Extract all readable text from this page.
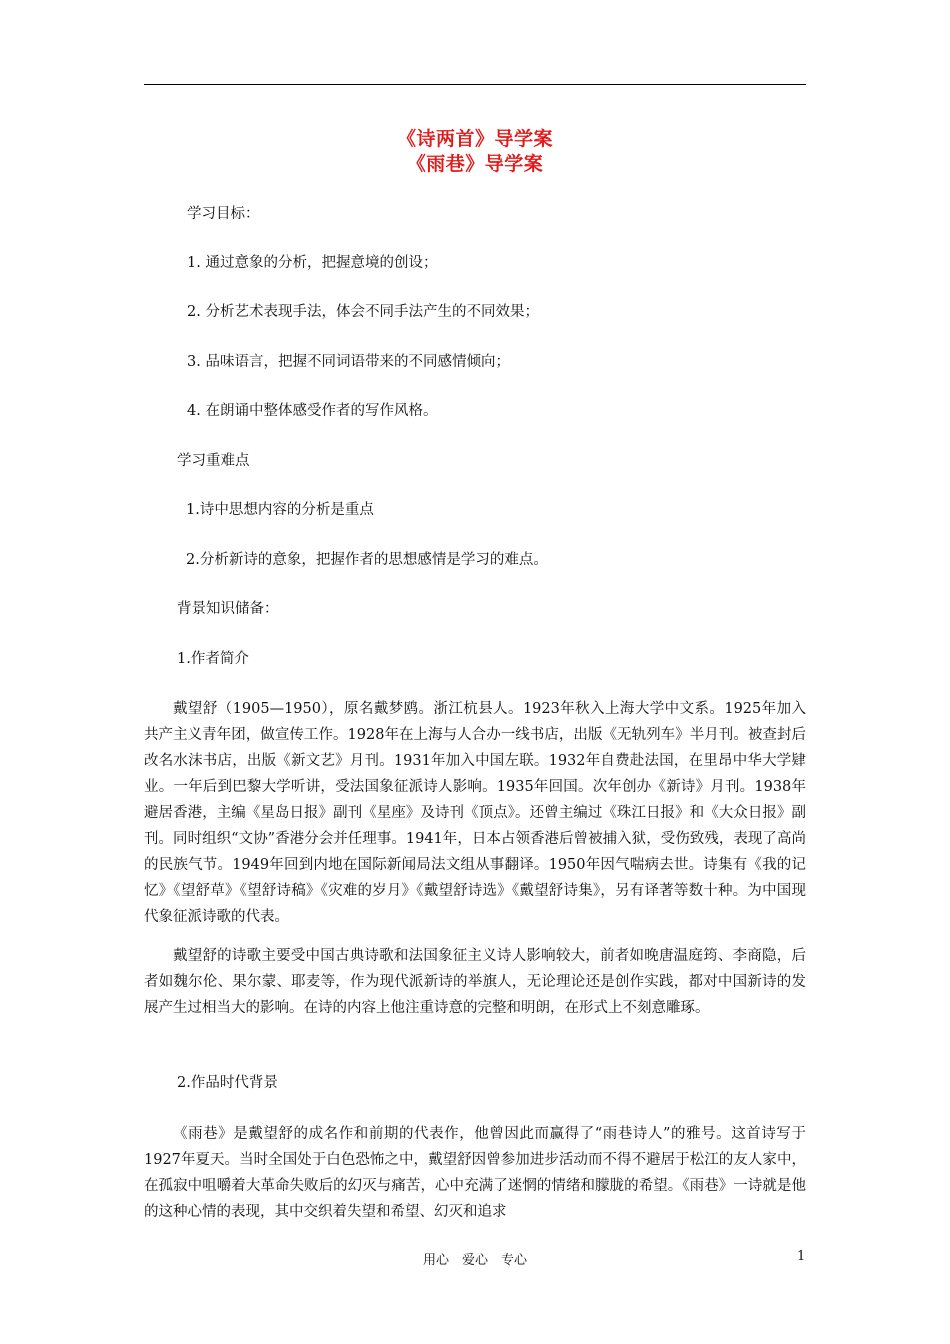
《诗两首》导学案
《雨巷》导学案
学习目标：
1. 通过意象的分析，把握意境的创设；
2. 分析艺术表现手法，体会不同手法产生的不同效果；
3. 品味语言，把握不同词语带来的不同感情倾向；
4. 在朗诵中整体感受作者的写作风格。
学习重难点
1.诗中思想内容的分析是重点
2.分析新诗的意象，把握作者的思想感情是学习的难点。
背景知识储备：
1.作者简介

戴望舒（1905—1950），原名戴梦鸥。浙江杭县人。1923年秋入上海大学中文系。1925年加入共产主义青年团，做宣传工作。1928年在上海与人合办一线书店，出版《无轨列车》半月刊。被查封后改名水沫书店，出版《新文艺》月刊。1931年加入中国左联。1932年自费赴法国，在里昂中华大学肄业。一年后到巴黎大学听讲，受法国象征派诗人影响。1935年回国。次年创办《新诗》月刊。1938年避居香港，主编《星岛日报》副刊《星座》及诗刊《顶点》。还曾主编过《珠江日报》和《大众日报》副刊。同时组织“文协”香港分会并任理事。1941年，日本占领香港后曾被捕入狱，受伤致残，表现了高尚的民族气节。1949年回到内地在国际新闻局法文组从事翻译。1950年因气喘病去世。诗集有《我的记忆》《望舒草》《望舒诗稿》《灾难的岁月》《戴望舒诗选》《戴望舒诗集》，另有译著等数十种。为中国现代象征派诗歌的代表。

戴望舒的诗歌主要受中国古典诗歌和法国象征主义诗人影响较大，前者如晚唐温庭筠、李商隐，后者如魏尔伦、果尔蒙、耶麦等，作为现代派新诗的举旗人，无论理论还是创作实践，都对中国新诗的发展产生过相当大的影响。在诗的内容上他注重诗意的完整和明朗，在形式上不刻意雕琢。

2.作品时代背景

《雨巷》是戴望舒的成名作和前期的代表作，他曾因此而赢得了“雨巷诗人”的雅号。这首诗写于1927年夏天。当时全国处于白色恐怖之中，戴望舒因曾参加进步活动而不得不避居于松江的友人家中，在孤寂中咀嚼着大革命失败后的幻灭与痛苦，心中充满了迷惘的情绪和朦胧的希望。《雨巷》一诗就是他的这种心情的表现，其中交织着失望和希望、幻灭和追求

用心　爱心　专心	1
